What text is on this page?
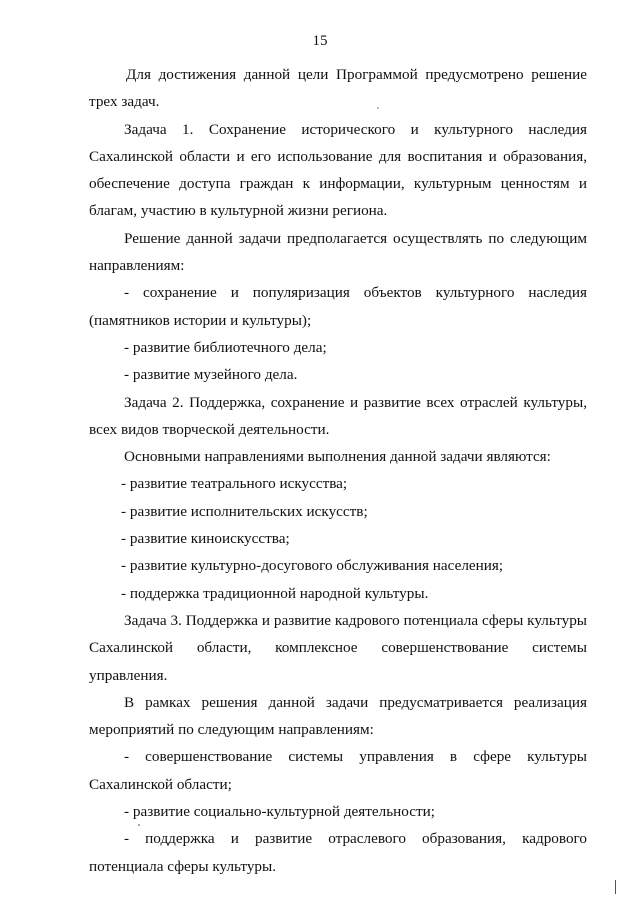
15

Для достижения данной цели Программой предусмотрено решение трех задач.

Задача 1. Сохранение исторического и культурного наследия Сахалинской области и его использование для воспитания и образования, обеспечение доступа граждан к информации, культурным ценностям и благам, участию в культурной жизни региона.

Решение данной задачи предполагается осуществлять по следующим направлениям:

- сохранение и популяризация объектов культурного наследия (памятников истории и культуры);

- развитие библиотечного дела;

- развитие музейного дела.

Задача 2. Поддержка, сохранение и развитие всех отраслей культуры, всех видов творческой деятельности.

Основными направлениями выполнения данной задачи являются:

- развитие театрального искусства;

- развитие исполнительских искусств;

- развитие киноискусства;

- развитие культурно-досугового обслуживания населения;

- поддержка традиционной народной культуры.

Задача 3. Поддержка и развитие кадрового потенциала сферы культуры Сахалинской области, комплексное совершенствование системы управления.

В рамках решения данной задачи предусматривается реализация мероприятий по следующим направлениям:

- совершенствование системы управления в сфере культуры Сахалинской области;

- развитие социально-культурной деятельности;

- поддержка и развитие отраслевого образования, кадрового потенциала сферы культуры.
